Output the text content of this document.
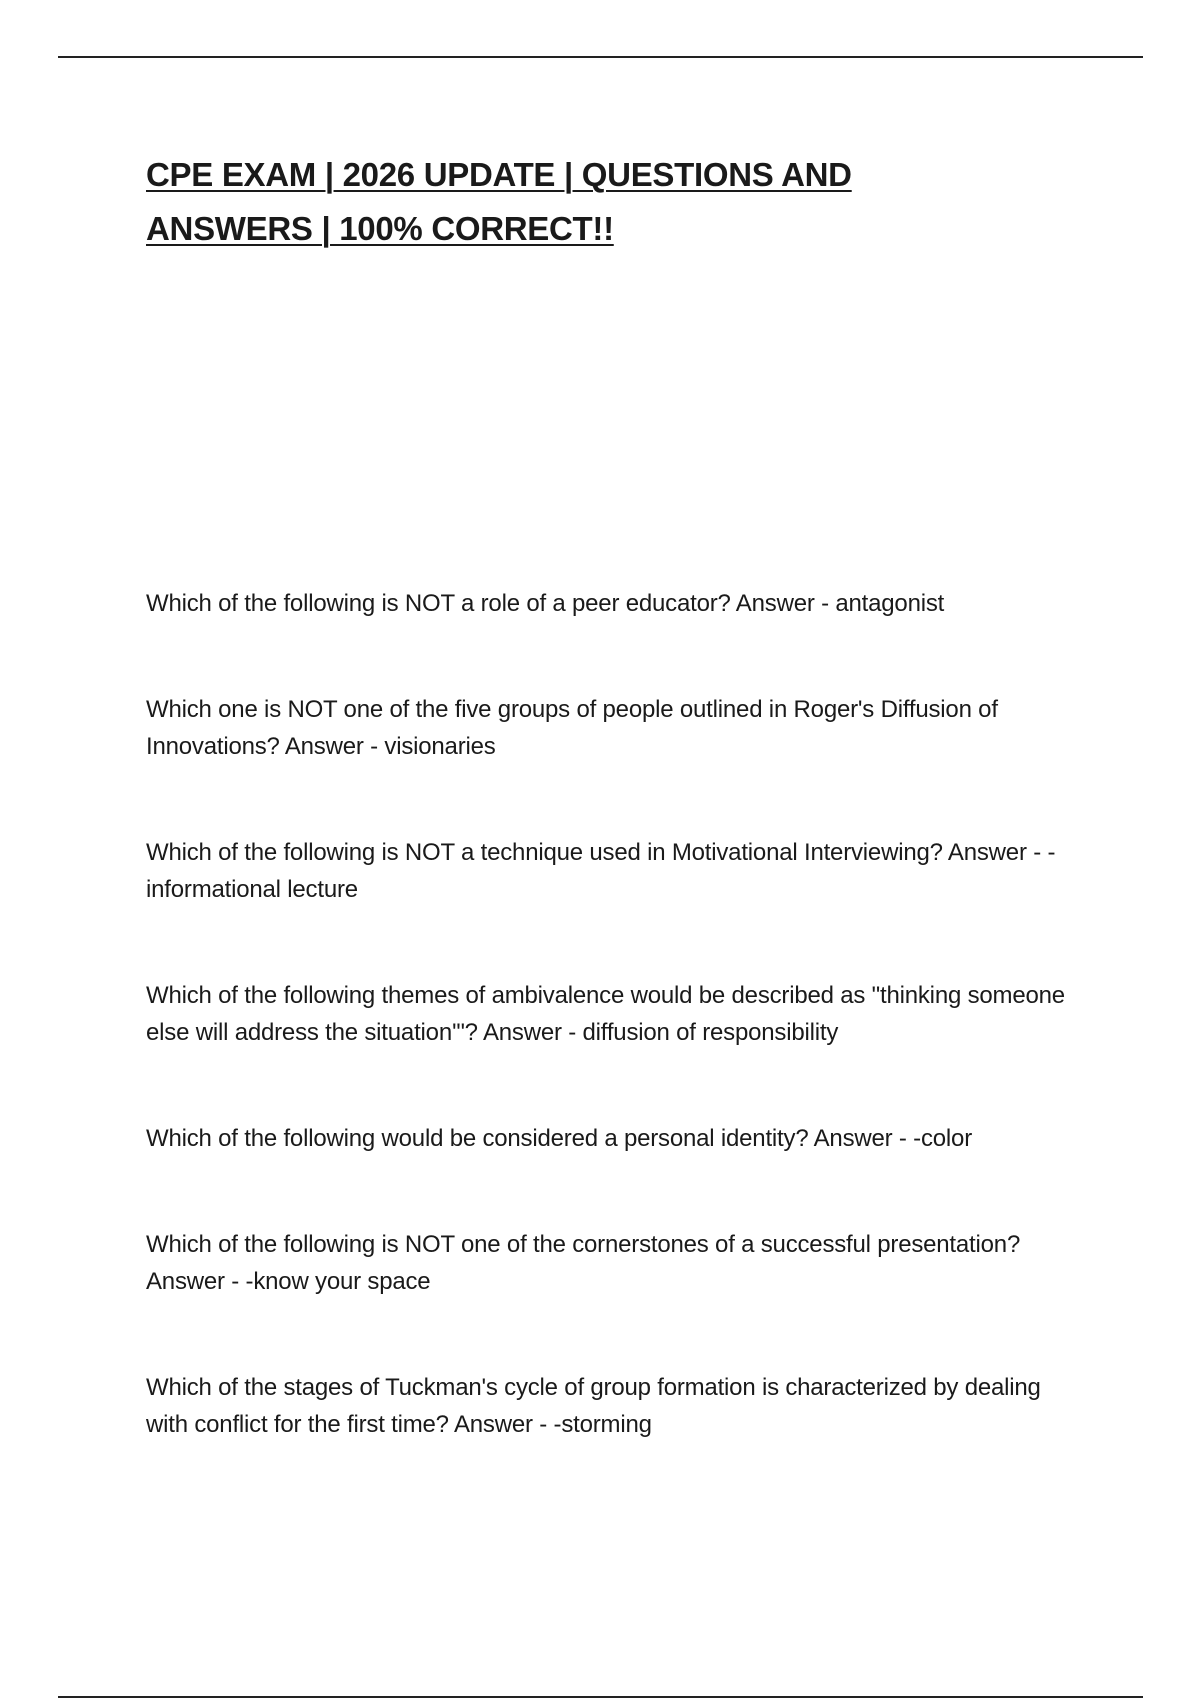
CPE EXAM | 2026 UPDATE | QUESTIONS AND ANSWERS | 100% CORRECT!!
Which of the following is NOT a role of a peer educator? Answer - antagonist
Which one is NOT one of the five groups of people outlined in Roger's Diffusion of Innovations? Answer - visionaries
Which of the following is NOT a technique used in Motivational Interviewing? Answer - -informational lecture
Which of the following themes of ambivalence would be described as "thinking someone else will address the situation'"? Answer - diffusion of responsibility
Which of the following would be considered a personal identity? Answer - -color
Which of the following is NOT one of the cornerstones of a successful presentation? Answer - -know your space
Which of the stages of Tuckman's cycle of group formation is characterized by dealing with conflict for the first time? Answer - -storming
